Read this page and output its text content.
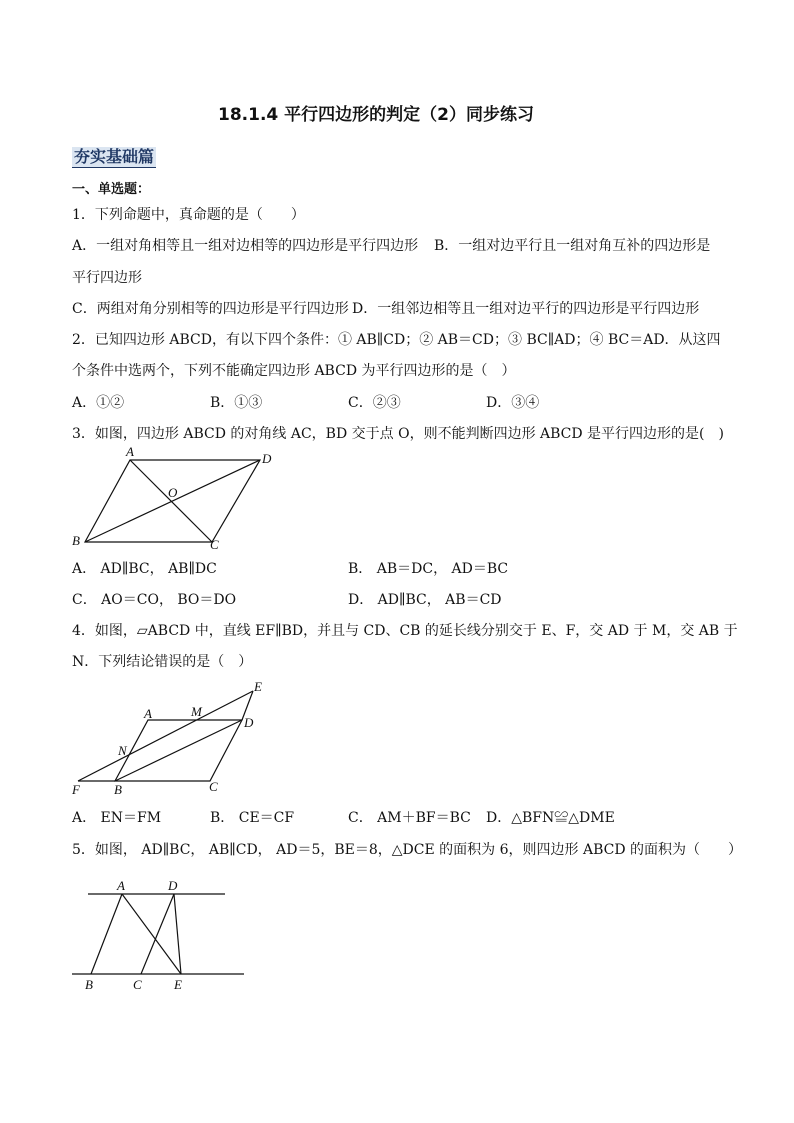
18.1.4 平行四边形的判定（2）同步练习
夯实基础篇
一、单选题：
1．下列命题中，真命题的是（　　）
A．一组对角相等且一组对边相等的四边形是平行四边形 B．一组对边平行且一组对角互补的四边形是
平行四边形
C．两组对角分别相等的四边形是平行四边形 D．一组邻边相等且一组对边平行的四边形是平行四边形
2．已知四边形 ABCD，有以下四个条件：① AB∥CD；② AB＝CD；③ BC∥AD；④ BC＝AD．从这四
个条件中选两个，下列不能确定四边形 ABCD 为平行四边形的是（　）
A．①②	B．①③	C．②③	D．③④
3．如图，四边形 ABCD 的对角线 AC，BD 交于点 O，则不能判断四边形 ABCD 是平行四边形的是(　)
A	D
B	C
O
A． AD∥BC， AB∥DC	B． AB＝DC， AD＝BC
C． AO＝CO， BO＝DO	D． AD∥BC， AB＝CD
4．如图，▱ABCD 中，直线 EF∥BD，并且与 CD、CB 的延长线分别交于 E、F，交 AD 于 M，交 AB 于
N．下列结论错误的是（　）
A
D
E
M
N
F	B	C
A． EN＝FM	B． CE＝CF	C． AM＋BF＝BC D．△BFN≌△DME
5．如图， AD∥BC， AB∥CD， AD＝5，BE＝8，△DCE 的面积为 6，则四边形 ABCD 的面积为（　　）
A	D
B	C E
